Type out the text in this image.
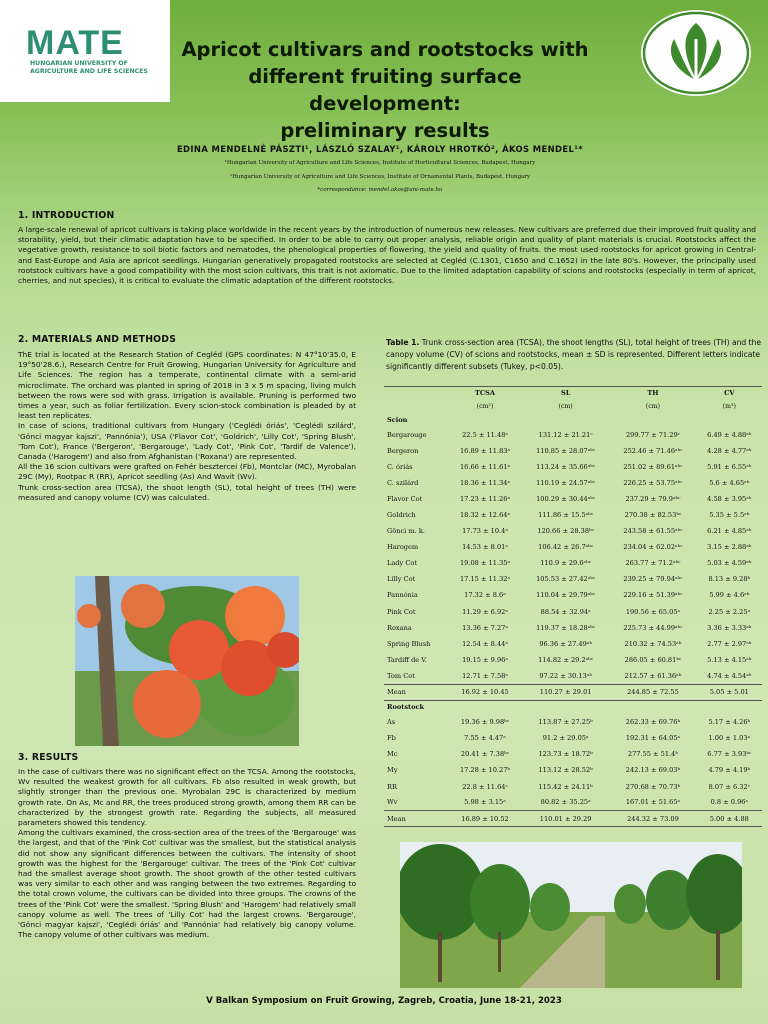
MATE
HUNGARIAN UNIVERSITY OF
AGRICULTURE AND LIFE SCIENCES
Apricot cultivars and rootstocks with
different fruiting surface development:
preliminary results
EDINA MENDELNÉ PÁSZTI¹, LÁSZLÓ SZALAY¹, KÁROLY HROTKÓ², ÁKOS MENDEL¹*
¹Hungarian University of Agriculture and Life Sciences, Institute of Horticultural Sciences, Budapest, Hungary
²Hungarian University of Agriculture and Life Sciences, Institute of Ornamental Plants, Budapest, Hungary
*correspondance: mendel.akos@uni-mate.hu
1. INTRODUCTION
A large-scale renewal of apricot cultivars is taking place worldwide in the recent years by the introduction of numerous new releases. New cultivars are preferred due their improved fruit quality and storability, yield, but their climatic adaptation have to be specified. In order to be able to carry out proper analysis, reliable origin and quality of plant materials is crucial. Rootstocks affect the vegetative growth, resistance to soil biotic factors and nematodes, the phenological properties of flowering, the yield and quality of fruits. the most used rootstocks for apricot growing in Central- and East-Europe and Asia are apricot seedlings. Hungarian generatively propagated rootstocks are selected at Cegléd (C.1301, C1650 and C.1652) in the late 80's. However, the principally used rootstock cultivars have a good compatibility with the most scion cultivars, this trait is not axiomatic. Due to the limited adaptation capability of scions and rootstocks (especially in term of apricot, cherries, and nut species), it is critical to evaluate the climatic adaptation of the different rootstocks.
2. MATERIALS AND METHODS

ThE trial is located at the Research Station of Cegléd (GPS coordinates: N 47°10'35.0, E 19°50'28.6.), Research Centre for Fruit Growing, Hungarian University for Agriculture and Life Sciences. The region has a temperate, continental climate with a semi-arid microclimate. The orchard was planted in spring of 2018 in 3 x 5 m spacing, living mulch between the rows were sod with grass. Irrigation is available. Pruning is performed two times a year, such as foliar fertilization. Every scion-stock combination is pleaded by at least ten replicates.

In case of scions, traditional cultivars from Hungary ('Ceglédi óriás', 'Ceglédi szilárd', 'Gönci magyar kajszi', 'Pannónia'), USA ('Flavor Cot', 'Goldrich', 'Lilly Cot', 'Spring Blush', 'Tom Cot'), France ('Bergeron', 'Bergarouge', 'Lady Cot', 'Pink Cot', 'Tardif de Valence'), Canada ('Harogem') and also from Afghanistan ('Roxana') are represented.

All the 16 scion cultivars were grafted on Fehér besztercei (Fb), Montclar (MC), Myrobalan 29C (My), Rootpac R (RR), Apricot seedling (As) And Wavit (Wv).

Trunk cross-section area (TCSA), the shoot length (SL), total height of trees (TH) were measured and canopy volume (CV) was calculated.

3. RESULTS

In the case of cultivars there was no significant effect on the TCSA. Among the rootstocks, Wv resulted the weakest growth for all cultivars. Fb also resulted in weak growth, but slightly stronger than the previous one. Myrobalan 29C is characterized by medium growth rate. On As, Mc and RR, the trees produced strong growth, among them RR can be characterized by the strongest growth rate. Regarding the subjects, all measured parameters showed this tendency.

Among the cultivars examined, the cross-section area of the trees of the 'Bergarouge' was the largest, and that of the 'Pink Cot' cultivar was the smallest, but the statistical analysis did not show any significant differences between the cultivars. The intensity of shoot growth was the highest for the 'Bergarouge' cultivar. The trees of the 'Pink Cot' cultivar had the smallest average shoot growth. The shoot growth of the other tested cultivars was very similar to each other and was ranging between the two extremes. Regarding to the total crown volume, the cultivars can be divided into three groups. The crowns of the trees of the 'Pink Cot' were the smallest. 'Spring Blush' and 'Harogem' had relatively small canopy volume as well. The trees of 'Lilly Cot' had the largest crowns. 'Bergarouge', 'Gönci magyar kajszi', 'Ceglédi óriás' and 'Pannónia' had relatively big canopy volume. The canopy volume of other cultivars was medium.

Table 1. Trunk cross-section area (TCSA), the shoot lengths (SL), total height of trees (TH) and the canopy volume (CV) of scions and rootstocks, mean ± SD is represented. Different letters indicate significantly different subsets (Tukey, p<0.05).
	TCSA	SL	TH	CV
	(cm²)	(cm)	(cm)	(m³)
Scion				
Bergarouge	22.5 ± 11.48ᵃ	131.12 ± 21.21ᶜ	299.77 ± 71.29ᶜ	6.49 ± 4.88ᵃᵇ
Bergeron	16.89 ± 11.83ᵃ	110.85 ± 28.07ᵃᵇᶜ	252.46 ± 71.46ᵃᵇᶜ	4.28 ± 4.77ᵃᵇ
C. óriás	16.66 ± 11.61ᵃ	113.24 ± 35.66ᵃᵇᶜ	251.02 ± 89.61ᵃᵇᶜ	5.91 ± 6.55ᵃᵇ
C. szilárd	18.36 ± 11.34ᵃ	110.19 ± 24.57ᵃᵇᶜ	226.25 ± 53.75ᵃᵇᶜ	5.6 ± 4.65ᵃᵇ
Flavor Cot	17.23 ± 11.26ᵃ	100.29 ± 30.44ᵃᵇᶜ	237.29 ± 79.9ᵃᵇᶜ	4.58 ± 3.95ᵃᵇ
Goldrich	18.32 ± 12.64ᵃ	111.86 ± 15.5ᵃᵇᶜ	270.38 ± 82.53ᵇᶜ	5.35 ± 5.5ᵃᵇ
Gönci m. k.	17.73 ± 10.4ᵃ	120.66 ± 28.38ᵇᶜ	243.58 ± 61.55ᵃᵇᶜ	6.21 ± 4.85ᵃᵇ
Harogem	14.53 ± 8.01ᵃ	106.42 ± 26.7ᵃᵇᶜ	234.04 ± 62.02ᵃᵇᶜ	3.15 ± 2.88ᵃᵇ
Lady Cot	19.08 ± 11.35ᵃ	110.9 ± 29.6ᵃᵇᶜ	263.77 ± 71.2ᵃᵇᶜ	5.03 ± 4.59ᵃᵇ
Lilly Cot	17.15 ± 11.32ᵃ	105.53 ± 27.42ᵃᵇᶜ	239.25 ± 79.94ᵃᵇᶜ	8.13 ± 9.28ᵇ
Pannónia	17.32 ± 8.6ᵃ	110.04 ± 29.79ᵃᵇᶜ	229.16 ± 51.39ᵃᵇᶜ	5.99 ± 4.6ᵃᵇ
Pink Cot	11.29 ± 6.92ᵃ	88.54 ± 32.94ᵃ	190.56 ± 65.05ᵃ	2.25 ± 2.25ᵃ
Roxana	13.36 ± 7.27ᵃ	119.37 ± 18.28ᵃᵇᶜ	225.73 ± 44.99ᵃᵇᶜ	3.36 ± 3.33ᵃᵇ
Spring Blush	12.54 ± 8.44ᵃ	96.36 ± 27.49ᵃᵇ	210.32 ± 74.53ᵃᵇ	2.77 ± 2.97ᵃᵇ
Tardiff de V.	19.15 ± 9.96ᵃ	114.82 ± 29.2ᵃᵇᶜ	286.05 ± 60.81ᵇᶜ	5.13 ± 4.15ᵃᵇ
Tom Cot	12.71 ± 7.58ᵃ	97.22 ± 30.13ᵃᵇ	212.57 ± 61.36ᵃᵇ	4.74 ± 4.54ᵃᵇ
Mean	16.92 ± 10.45	110.27 ± 29.01	244.85 ± 72.55	5.05 ± 5.01
Rootstock				
As	19.36 ± 9.98ᵇᶜ	113.87 ± 27.25ᵇ	262.33 ± 69.76ᵇ	5.17 ± 4.26ᵇ
Fb	7.55 ± 4.47ᵃ	91.2 ± 29.05ᵃ	192.31 ± 64.05ᵃ	1.00 ± 1.03ᵃ
Mc	20.41 ± 7.38ᵇᶜ	123.73 ± 18.72ᵇ	277.55 ± 51.4ᵇ	6.77 ± 3.93ᵇᶜ
My	17.28 ± 10.27ᵇ	113.12 ± 28.52ᵇ	242.13 ± 69.03ᵇ	4.79 ± 4.19ᵇ
RR	22.8 ± 11.64ᶜ	115.42 ± 24.11ᵇ	270.68 ± 70.73ᵇ	8.07 ± 6.32ᶜ
Wv	5.98 ± 3.15ᵃ	80.82 ± 35.25ᵃ	167.01 ± 51.65ᵃ	0.8 ± 0.96ᵃ
Mean	16.89 ± 10.52	110.01 ± 29.29	244.32 ± 73.09	5.00 ± 4.88
V Balkan Symposium on Fruit Growing, Zagreb, Croatia, June 18-21, 2023
